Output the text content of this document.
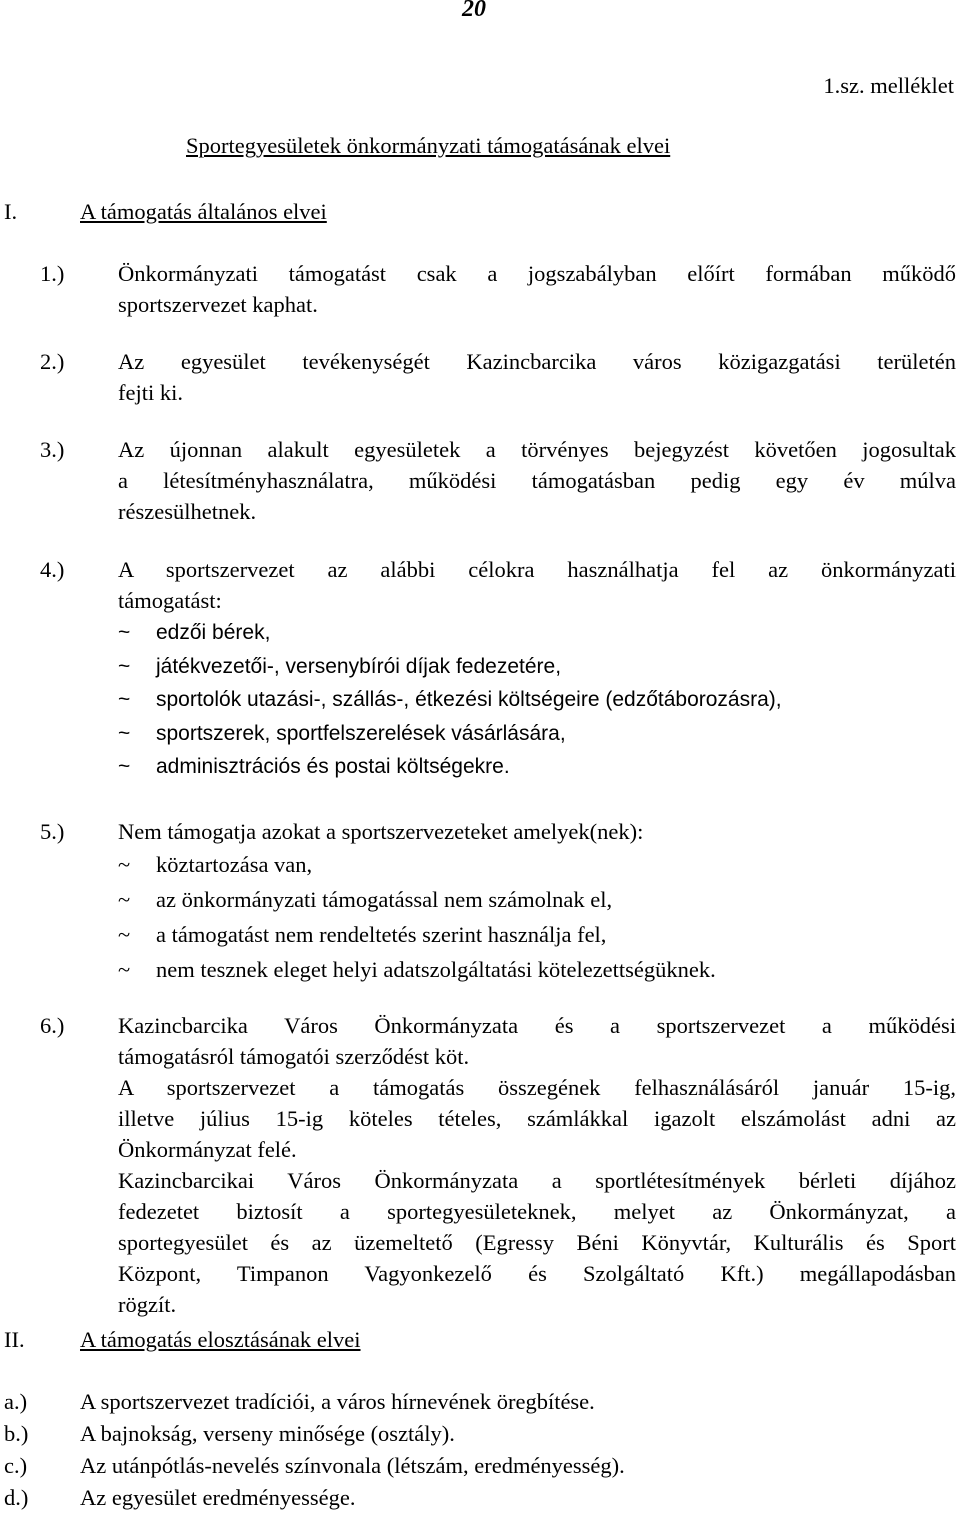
20
1.sz. melléklet
Sportegyesületek önkormányzati támogatásának elvei
I.	A támogatás általános elvei
1.) Önkormányzati támogatást csak a jogszabályban előírt formában működő

sportszervezet kaphat.

2.) Az egyesület tevékenységét Kazincbarcika város közigazgatási területén

fejti ki.

3.) Az újonnan alakult egyesületek a törvényes bejegyzést követően jogosultak

a létesítményhasználatra, működési támogatásban pedig egy év múlva

részesülhetnek.

4.) A sportszervezet az alábbi célokra használhatja fel az önkormányzati

támogatást:

~ edzői bérek,
~ játékvezetői-, versenybírói díjak fedezetére,
~ sportolók utazási-, szállás-, étkezési költségeire (edzőtáborozásra),
~ sportszerek, sportfelszerelések vásárlására,
~ adminisztrációs és postai költségekre.
5.) Nem támogatja azokat a sportszervezeteket amelyek(nek):

~ köztartozása van,
~ az önkormányzati támogatással nem számolnak el,
~ a támogatást nem rendeltetés szerint használja fel,
~ nem tesznek eleget helyi adatszolgáltatási kötelezettségüknek.
6.) Kazincbarcika Város Önkormányzata és a sportszervezet a működési

támogatásról támogatói szerződést köt.

A sportszervezet a támogatás összegének felhasználásáról január 15-ig,

illetve július 15-ig köteles tételes, számlákkal igazolt elszámolást adni az

Önkormányzat felé.

Kazincbarcikai Város Önkormányzata a sportlétesítmények bérleti díjához

fedezetet biztosít a sportegyesületeknek, melyet az Önkormányzat, a

sportegyesület és az üzemeltető (Egressy Béni Könyvtár, Kulturális és Sport

Központ, Timpanon Vagyonkezelő és Szolgáltató Kft.) megállapodásban

rögzít.

II. A támogatás elosztásának elvei
a.) A sportszervezet tradíciói, a város hírnevének öregbítése.
b.) A bajnokság, verseny minősége (osztály).
c.) Az utánpótlás-nevelés színvonala (létszám, eredményesség).
d.) Az egyesület eredményessége.
